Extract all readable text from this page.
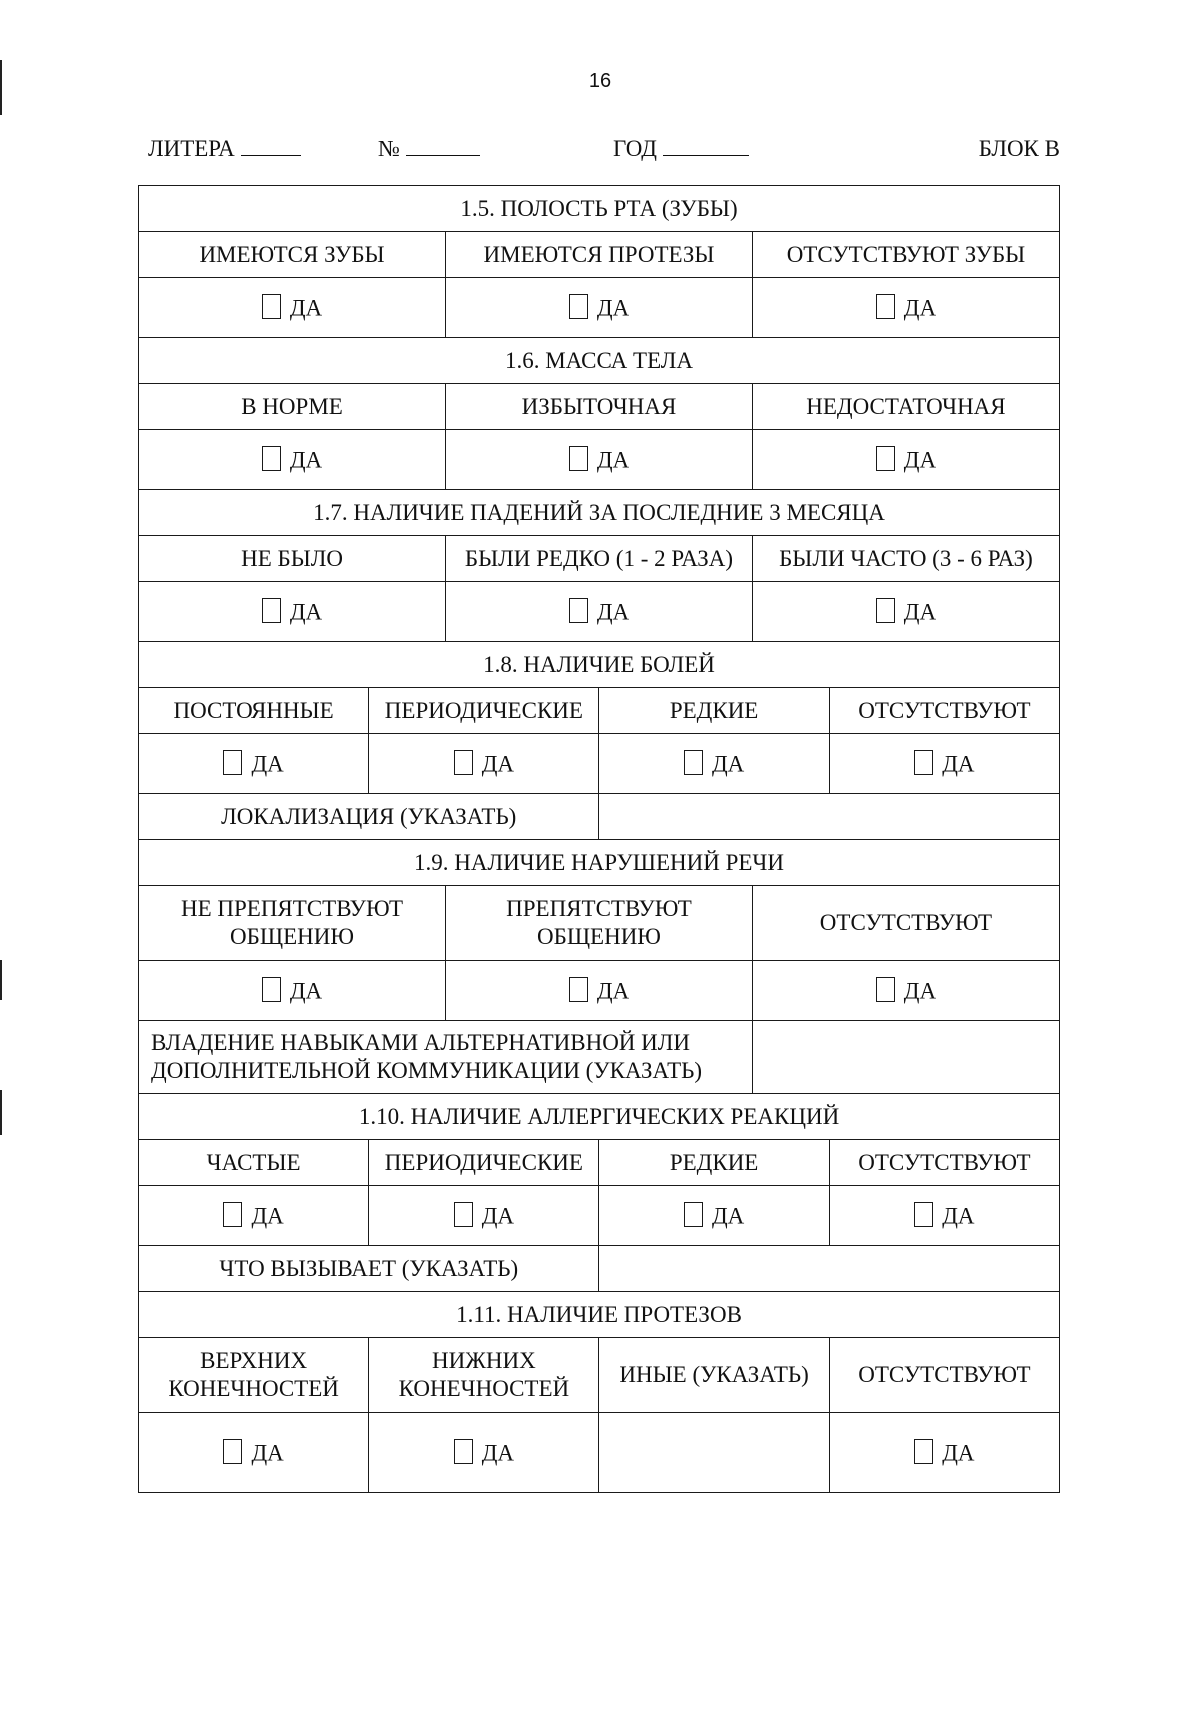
16
ЛИТЕРА	№	ГОД	БЛОК В
1.5. ПОЛОСТЬ РТА (ЗУБЫ)					
ИМЕЮТСЯ ЗУБЫ		ИМЕЮТСЯ ПРОТЕЗЫ		ОТСУТСТВУЮТ ЗУБЫ	
ДА		ДА		ДА	
1.6. МАССА ТЕЛА					
В НОРМЕ		ИЗБЫТОЧНАЯ		НЕДОСТАТОЧНАЯ	
ДА		ДА		ДА	
1.7. НАЛИЧИЕ ПАДЕНИЙ ЗА ПОСЛЕДНИЕ 3 МЕСЯЦА					
НЕ БЫЛО		БЫЛИ РЕДКО (1 - 2 РАЗА)		БЫЛИ ЧАСТО (3 - 6 РАЗ)	
ДА		ДА		ДА	
1.8. НАЛИЧИЕ БОЛЕЙ					
ПОСТОЯННЫЕ	ПЕРИОДИЧЕСКИЕ		РЕДКИЕ		ОТСУТСТВУЮТ
ДА	ДА		ДА		ДА
ЛОКАЛИЗАЦИЯ (УКАЗАТЬ)					
1.9. НАЛИЧИЕ НАРУШЕНИЙ РЕЧИ					
НЕ ПРЕПЯТСТВУЮТ ОБЩЕНИЮ		ПРЕПЯТСТВУЮТ ОБЩЕНИЮ		ОТСУТСТВУЮТ	
ДА		ДА		ДА	
ВЛАДЕНИЕ НАВЫКАМИ АЛЬТЕРНАТИВНОЙ ИЛИ ДОПОЛНИТЕЛЬНОЙ КОММУНИКАЦИИ (УКАЗАТЬ)					
1.10. НАЛИЧИЕ АЛЛЕРГИЧЕСКИХ РЕАКЦИЙ					
ЧАСТЫЕ	ПЕРИОДИЧЕСКИЕ		РЕДКИЕ		ОТСУТСТВУЮТ
ДА	ДА		ДА		ДА
ЧТО ВЫЗЫВАЕТ (УКАЗАТЬ)					
1.11. НАЛИЧИЕ ПРОТЕЗОВ					
ВЕРХНИХ КОНЕЧНОСТЕЙ	НИЖНИХ КОНЕЧНОСТЕЙ		ИНЫЕ (УКАЗАТЬ)		ОТСУТСТВУЮТ
ДА	ДА				ДА
